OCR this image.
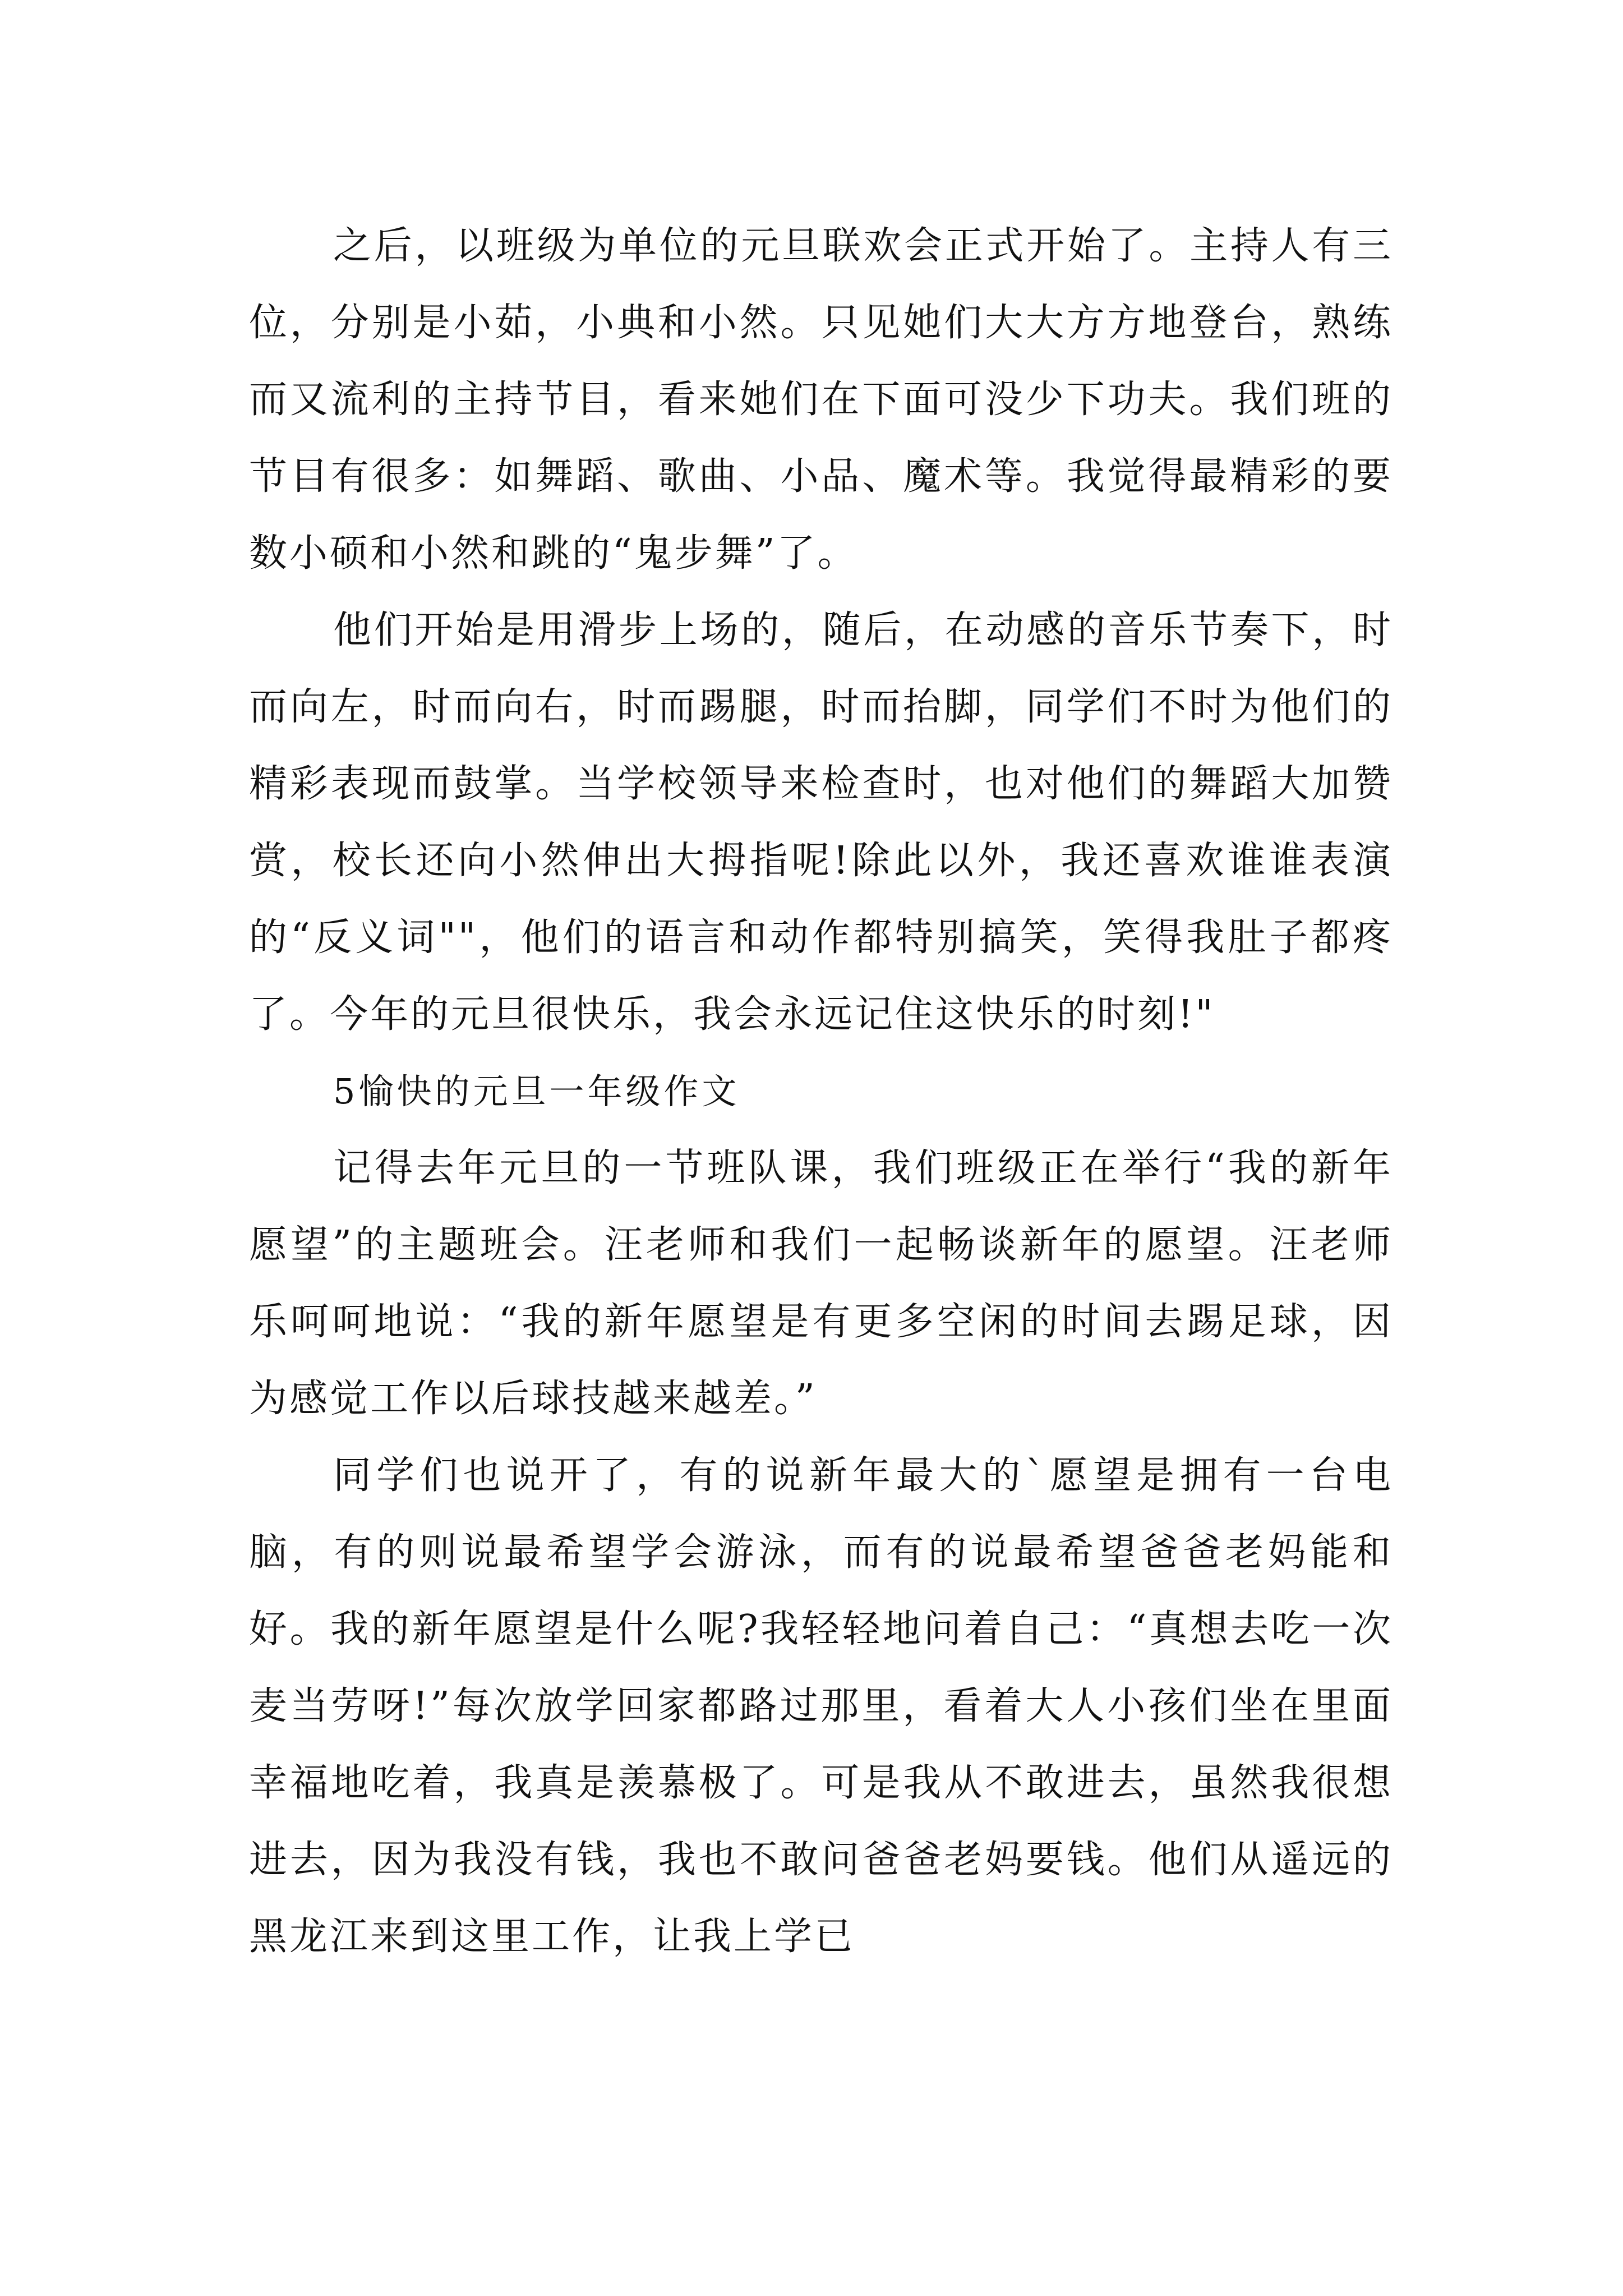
之后，以班级为单位的元旦联欢会正式开始了。主持人有三位，分别是小茹，小典和小然。只见她们大大方方地登台，熟练而又流利的主持节目，看来她们在下面可没少下功夫。我们班的节目有很多：如舞蹈、歌曲、小品、魔术等。我觉得最精彩的要数小硕和小然和跳的“鬼步舞”了。

他们开始是用滑步上场的，随后，在动感的音乐节奏下，时而向左，时而向右，时而踢腿，时而抬脚，同学们不时为他们的精彩表现而鼓掌。当学校领导来检查时，也对他们的舞蹈大加赞赏，校长还向小然伸出大拇指呢!除此以外，我还喜欢谁谁表演的“反义词""，他们的语言和动作都特别搞笑，笑得我肚子都疼了。今年的元旦很快乐，我会永远记住这快乐的时刻!"

5愉快的元旦一年级作文

记得去年元旦的一节班队课，我们班级正在举行“我的新年愿望”的主题班会。汪老师和我们一起畅谈新年的愿望。汪老师乐呵呵地说：“我的新年愿望是有更多空闲的时间去踢足球，因为感觉工作以后球技越来越差。”

同学们也说开了，有的说新年最大的`愿望是拥有一台电脑，有的则说最希望学会游泳，而有的说最希望爸爸老妈能和好。我的新年愿望是什么呢?我轻轻地问着自己：“真想去吃一次麦当劳呀!”每次放学回家都路过那里，看着大人小孩们坐在里面幸福地吃着，我真是羡慕极了。可是我从不敢进去，虽然我很想进去，因为我没有钱，我也不敢问爸爸老妈要钱。他们从遥远的黑龙江来到这里工作，让我上学已
